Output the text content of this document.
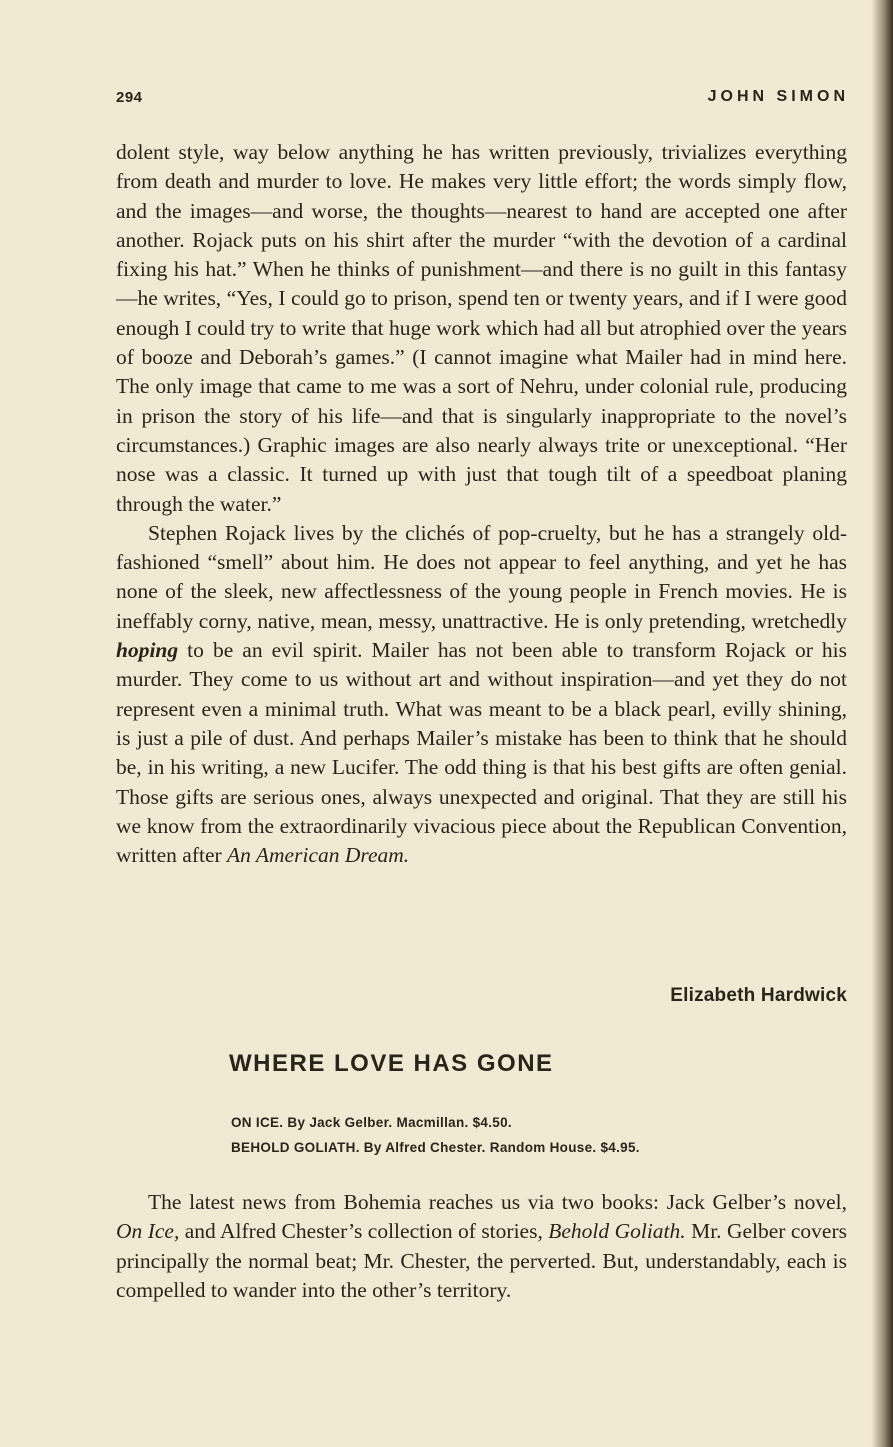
294	JOHN SIMON

dolent style, way below anything he has written previously, trivializes everything from death and murder to love. He makes very little effort; the words simply flow, and the images—and worse, the thoughts—nearest to hand are accepted one after another. Rojack puts on his shirt after the murder “with the devotion of a cardinal fixing his hat.” When he thinks of punishment—and there is no guilt in this fantasy—he writes, “Yes, I could go to prison, spend ten or twenty years, and if I were good enough I could try to write that huge work which had all but atrophied over the years of booze and Deborah’s games.” (I cannot imagine what Mailer had in mind here. The only image that came to me was a sort of Nehru, under colonial rule, producing in prison the story of his life—and that is singularly inappropriate to the novel’s circumstances.) Graphic images are also nearly always trite or unexceptional. “Her nose was a classic. It turned up with just that tough tilt of a speedboat planing through the water.”

Stephen Rojack lives by the clichés of pop-cruelty, but he has a strangely old-fashioned “smell” about him. He does not appear to feel anything, and yet he has none of the sleek, new affectlessness of the young people in French movies. He is ineffably corny, native, mean, messy, unattractive. He is only pretending, wretchedly hoping to be an evil spirit. Mailer has not been able to transform Rojack or his murder. They come to us without art and without inspiration—and yet they do not represent even a minimal truth. What was meant to be a black pearl, evilly shining, is just a pile of dust. And perhaps Mailer’s mistake has been to think that he should be, in his writing, a new Lucifer. The odd thing is that his best gifts are often genial. Those gifts are serious ones, always unexpected and original. That they are still his we know from the extraordinarily vivacious piece about the Republican Convention, written after An American Dream.

Elizabeth Hardwick
WHERE LOVE HAS GONE
ON ICE. By Jack Gelber. Macmillan. $4.50.
BEHOLD GOLIATH. By Alfred Chester. Random House. $4.95.

The latest news from Bohemia reaches us via two books: Jack Gelber’s novel, On Ice, and Alfred Chester’s collection of stories, Behold Goliath. Mr. Gelber covers principally the normal beat; Mr. Chester, the perverted. But, understandably, each is compelled to wander into the other’s territory.
